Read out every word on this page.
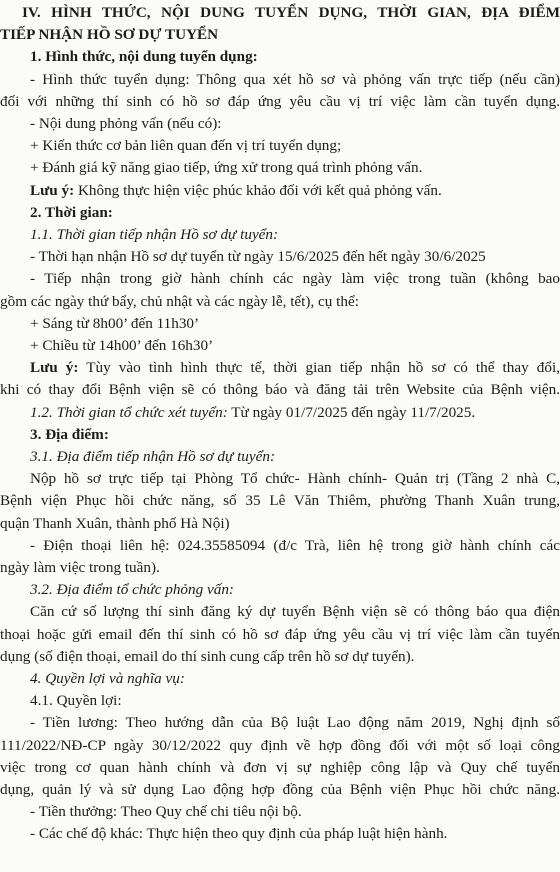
IV. HÌNH THỨC, NỘI DUNG TUYỂN DỤNG, THỜI GIAN, ĐỊA ĐIỂM
TIẾP NHẬN HỒ SƠ DỰ TUYỂN
1. Hình thức, nội dung tuyển dụng:
- Hình thức tuyển dụng: Thông qua xét hồ sơ và phỏng vấn trực tiếp (nếu cần)
đối với những thí sinh có hồ sơ đáp ứng yêu cầu vị trí việc làm cần tuyển dụng.
- Nội dung phỏng vấn (nếu có):
+ Kiến thức cơ bản liên quan đến vị trí tuyển dụng;
+ Đánh giá kỹ năng giao tiếp, ứng xử trong quá trình phỏng vấn.
Lưu ý: Không thực hiện việc phúc khảo đối với kết quả phỏng vấn.
2. Thời gian:
1.1. Thời gian tiếp nhận Hồ sơ dự tuyển:
- Thời hạn nhận Hồ sơ dự tuyển từ ngày 15/6/2025 đến hết ngày 30/6/2025
- Tiếp nhận trong giờ hành chính các ngày làm việc trong tuần (không bao
gồm các ngày thứ bẩy, chủ nhật và các ngày lễ, tết), cụ thể:
+ Sáng từ 8h00’ đến 11h30’
+ Chiều từ 14h00’ đến 16h30’
Lưu ý: Tùy vào tình hình thực tế, thời gian tiếp nhận hồ sơ có thể thay đổi,
khi có thay đổi Bệnh viện sẽ có thông báo và đăng tải trên Website của Bệnh viện.
1.2. Thời gian tổ chức xét tuyển: Từ ngày 01/7/2025 đến ngày 11/7/2025.
3. Địa điểm:
3.1. Địa điểm tiếp nhận Hồ sơ dự tuyển:
Nộp hồ sơ trực tiếp tại Phòng Tổ chức- Hành chính- Quản trị (Tầng 2 nhà C,
Bệnh viện Phục hồi chức năng, số 35 Lê Văn Thiêm, phường Thanh Xuân trung,
quận Thanh Xuân, thành phố Hà Nội)
- Điện thoại liên hệ: 024.35585094 (đ/c Trà, liên hệ trong giờ hành chính các
ngày làm việc trong tuần).
3.2. Địa điểm tổ chức phỏng vấn:
Căn cứ số lượng thí sinh đăng ký dự tuyển Bệnh viện sẽ có thông báo qua điện
thoại hoặc gửi email đến thí sinh có hồ sơ đáp ứng yêu cầu vị trí việc làm cần tuyển
dụng (số điện thoại, email do thí sinh cung cấp trên hồ sơ dự tuyển).
4. Quyền lợi và nghĩa vụ:
4.1. Quyền lợi:
- Tiền lương: Theo hướng dẫn của Bộ luật Lao động năm 2019, Nghị định số
111/2022/NĐ-CP ngày 30/12/2022 quy định về hợp đồng đối với một số loại công
việc trong cơ quan hành chính và đơn vị sự nghiệp công lập và Quy chế tuyển
dụng, quản lý và sử dụng Lao động hợp đồng của Bệnh viện Phục hồi chức năng.
- Tiền thưởng: Theo Quy chế chi tiêu nội bộ.
- Các chế độ khác: Thực hiện theo quy định của pháp luật hiện hành.
